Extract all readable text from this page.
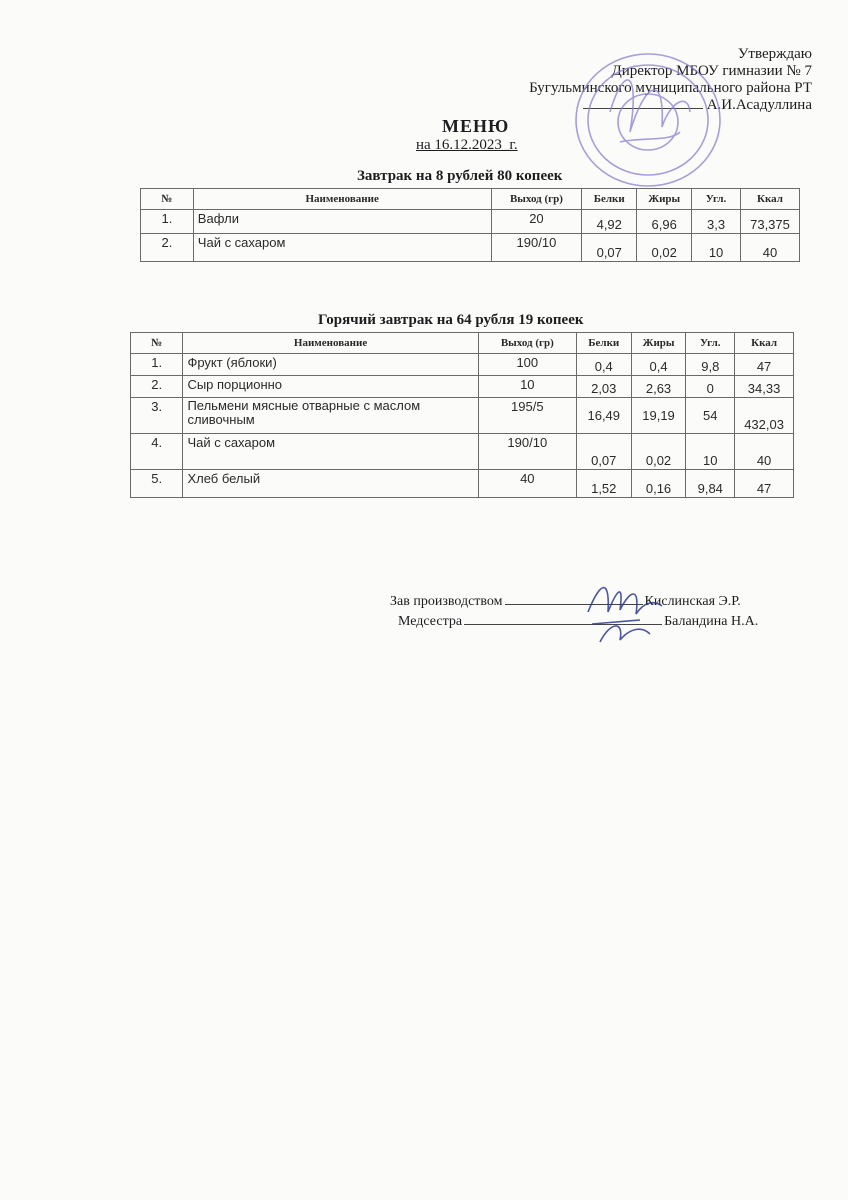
Утверждаю
Директор МБОУ гимназии № 7
Бугульминского муниципального района РТ
А.И.Асадуллина
МЕНЮ
на 16.12.2023_г.
Завтрак на 8 рублей 80 копеек
№	Наименование	Выход (гр)	Белки	Жиры	Угл.	Ккал
1.	Вафли	20	4,92	6,96	3,3	73,375
2.	Чай с сахаром	190/10	0,07	0,02	10	40
Горячий завтрак на 64 рубля 19 копеек
№	Наименование	Выход (гр)	Белки	Жиры	Угл.	Ккал
1.	Фрукт (яблоки)	100	0,4	0,4	9,8	47
2.	Сыр порционно	10	2,03	2,63	0	34,33
3.	Пельмени мясные отварные с маслом сливочным	195/5	16,49	19,19	54	432,03
4.	Чай с сахаром	190/10	0,07	0,02	10	40
5.	Хлеб белый	40	1,52	0,16	9,84	47
Зав производством	Кислинская Э.Р.
Медсестра	Баландина Н.А.
